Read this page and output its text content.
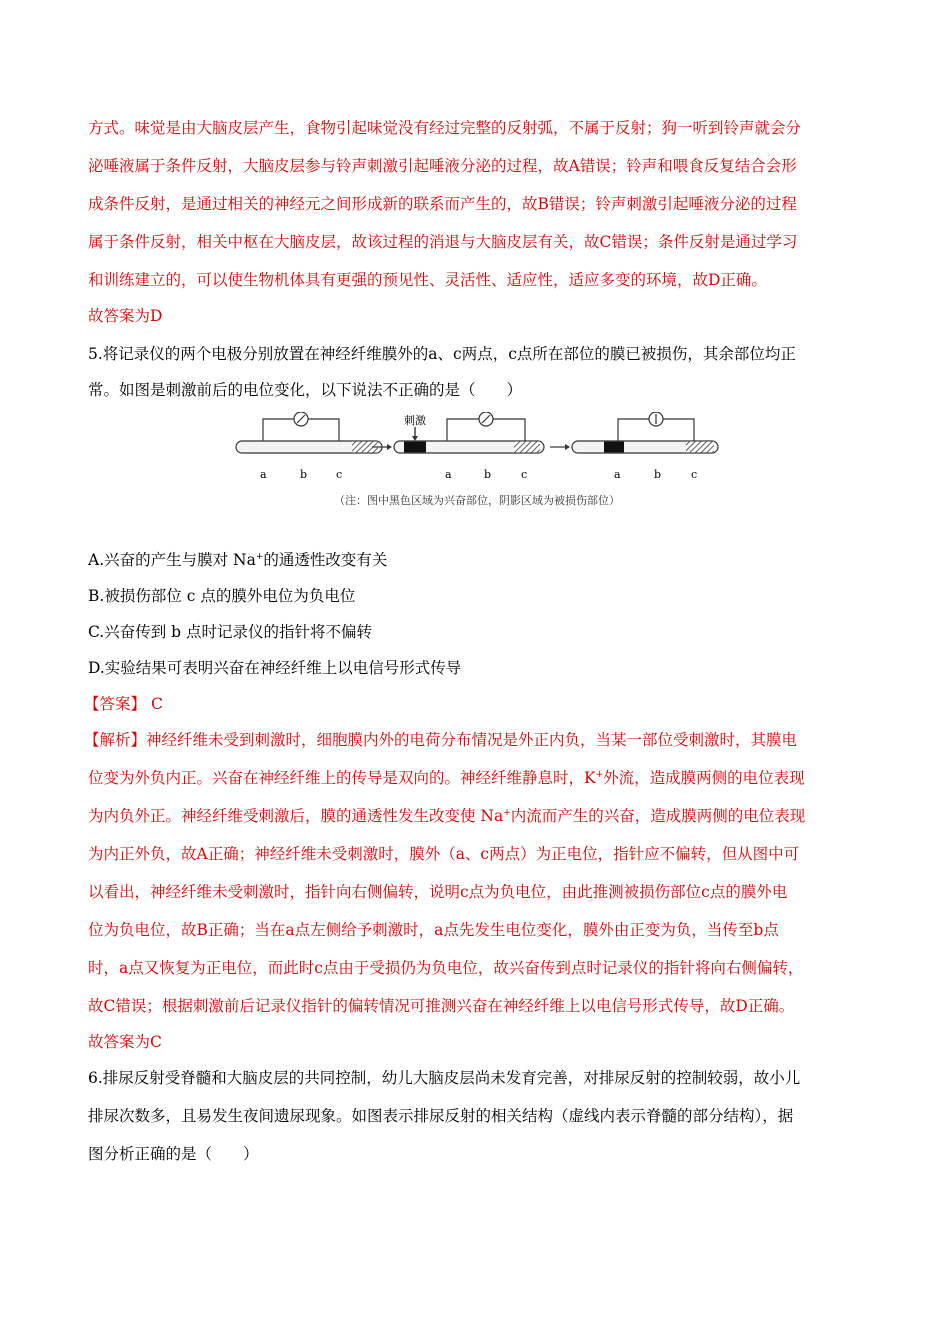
方式。味觉是由大脑皮层产生，食物引起味觉没有经过完整的反射弧，不属于反射；狗一听到铃声就会分
泌唾液属于条件反射，大脑皮层参与铃声刺激引起唾液分泌的过程，故A错误；铃声和喂食反复结合会形
成条件反射，是通过相关的神经元之间形成新的联系而产生的，故B错误；铃声刺激引起唾液分泌的过程
属于条件反射，相关中枢在大脑皮层，故该过程的消退与大脑皮层有关，故C错误；条件反射是通过学习
和训练建立的，可以使生物机体具有更强的预见性、灵活性、适应性，适应多变的环境，故D正确。
故答案为D
5.将记录仪的两个电极分别放置在神经纤维膜外的a、c两点，c点所在部位的膜已被损伤，其余部位均正
常。如图是刺激前后的电位变化，以下说法不正确的是（　　）
a	b	c
刺激
a	b	c	a	b	c
（注：图中黑色区域为兴奋部位，阴影区域为被损伤部位）
A.兴奋的产生与膜对 Na+的通透性改变有关
B.被损伤部位 c 点的膜外电位为负电位
C.兴奋传到 b 点时记录仪的指针将不偏转
D.实验结果可表明兴奋在神经纤维上以电信号形式传导
【答案】 C
【解析】神经纤维未受到刺激时，细胞膜内外的电荷分布情况是外正内负，当某一部位受刺激时，其膜电
位变为外负内正。兴奋在神经纤维上的传导是双向的。神经纤维静息时，K+外流，造成膜两侧的电位表现
为内负外正。神经纤维受刺激后，膜的通透性发生改变使 Na+内流而产生的兴奋，造成膜两侧的电位表现
为内正外负，故A正确；神经纤维未受刺激时，膜外（a、c两点）为正电位，指针应不偏转，但从图中可
以看出，神经纤维未受刺激时，指针向右侧偏转，说明c点为负电位，由此推测被损伤部位c点的膜外电
位为负电位，故B正确；当在a点左侧给予刺激时，a点先发生电位变化，膜外由正变为负，当传至b点
时，a点又恢复为正电位，而此时c点由于受损仍为负电位，故兴奋传到点时记录仪的指针将向右侧偏转，
故C错误；根据刺激前后记录仪指针的偏转情况可推测兴奋在神经纤维上以电信号形式传导，故D正确。
故答案为C
6.排尿反射受脊髓和大脑皮层的共同控制，幼儿大脑皮层尚未发育完善，对排尿反射的控制较弱，故小儿
排尿次数多，且易发生夜间遗尿现象。如图表示排尿反射的相关结构（虚线内表示脊髓的部分结构），据
图分析正确的是（　　）
